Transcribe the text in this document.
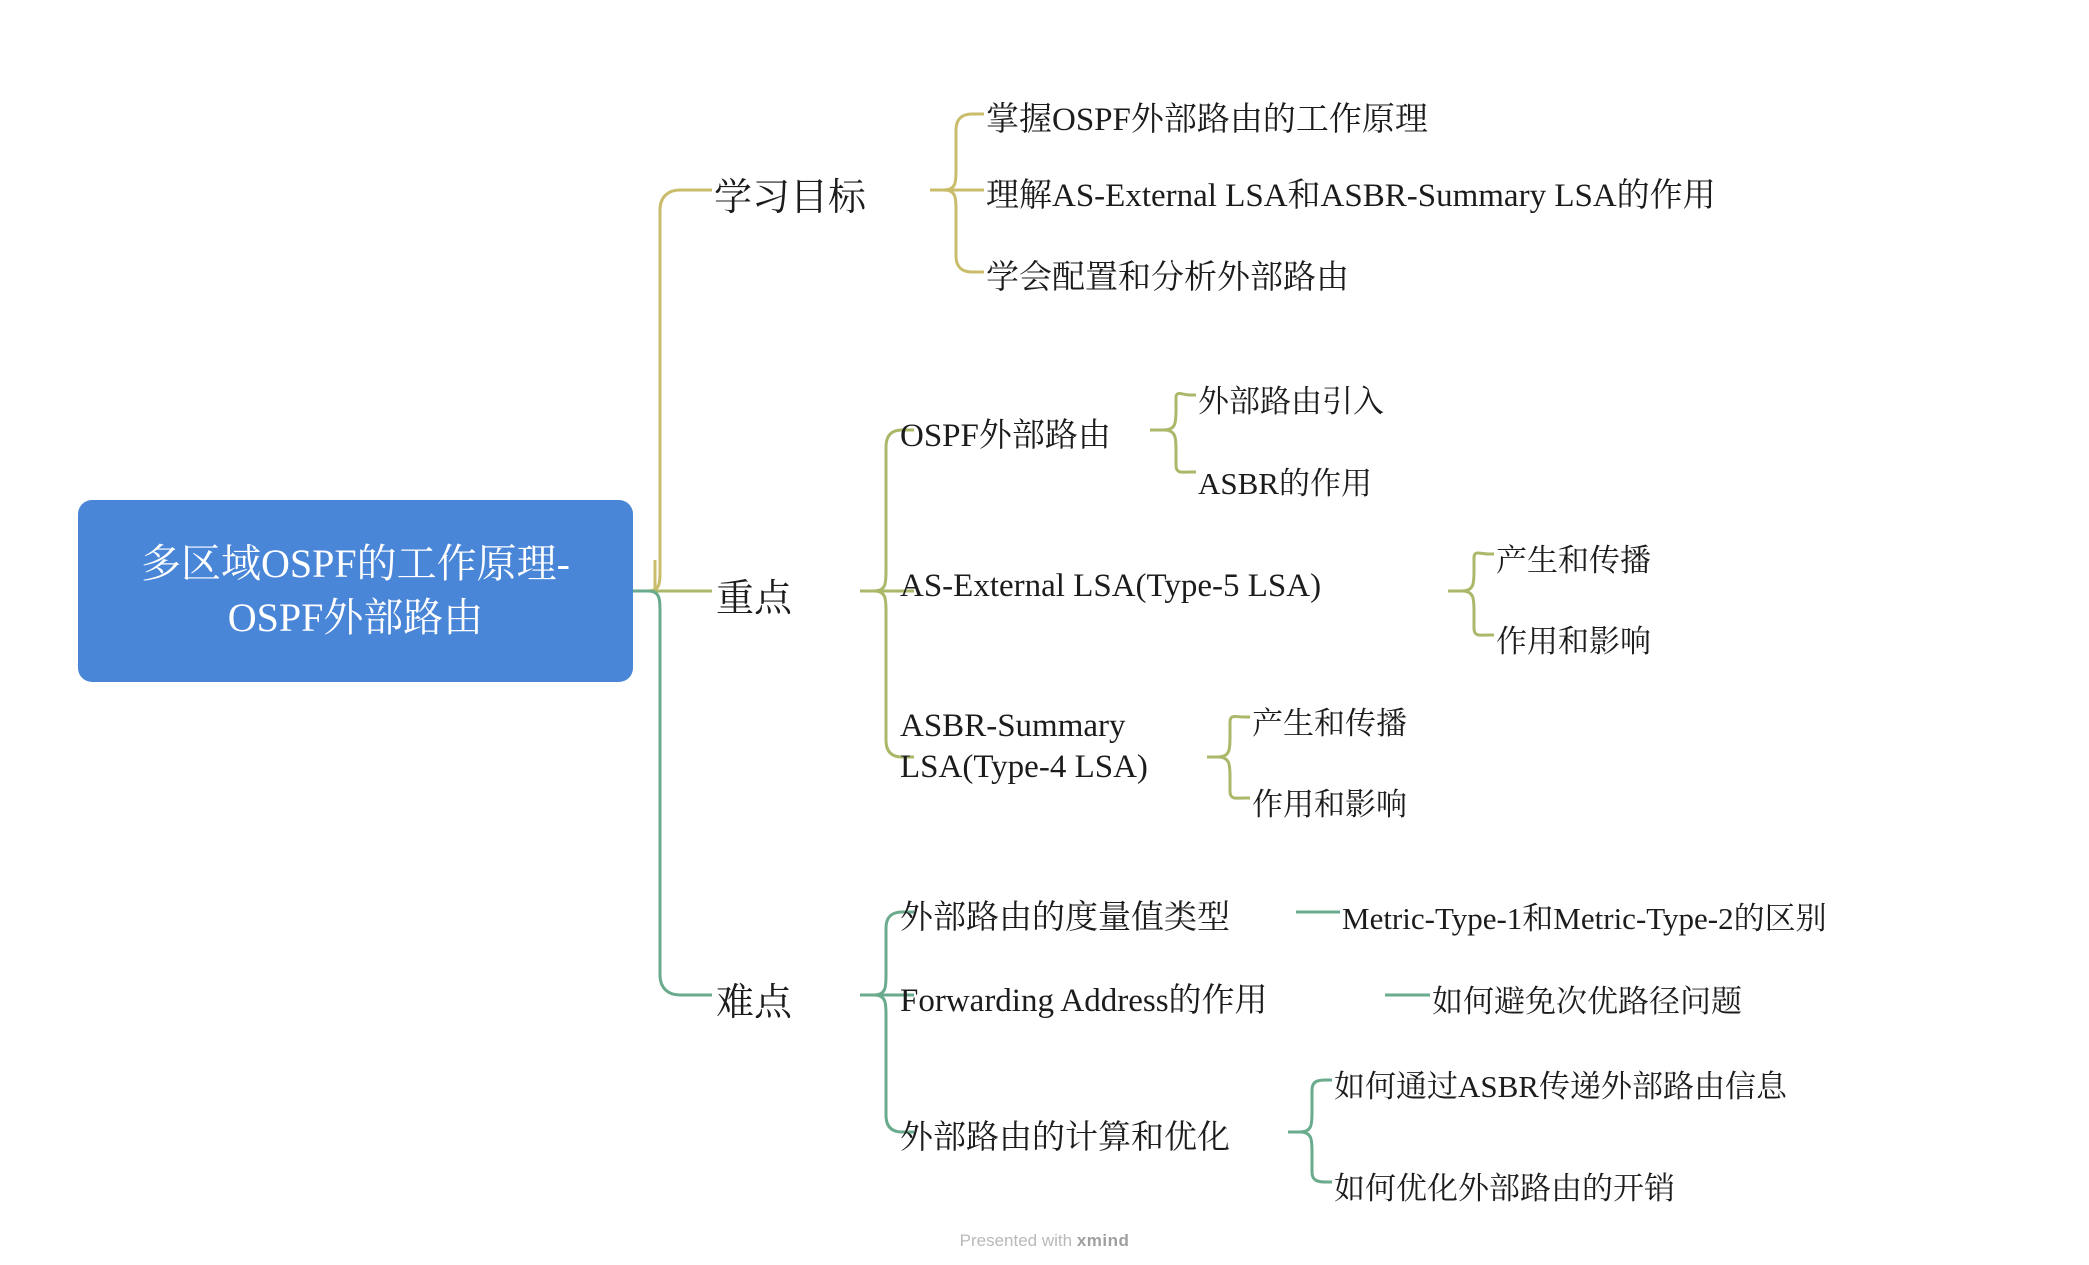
多区域OSPF的工作原理-OSPF外部路由
学习目标
重点
难点
掌握OSPF外部路由的工作原理
理解AS-External LSA和ASBR-Summary LSA的作用
学会配置和分析外部路由
OSPF外部路由
外部路由引入
ASBR的作用
AS-External LSA(Type-5 LSA)
产生和传播
作用和影响
ASBR-Summary LSA(Type-4 LSA)
产生和传播
作用和影响
外部路由的度量值类型	Metric-Type-1和Metric-Type-2的区别
Forwarding Address的作用	如何避免次优路径问题
外部路由的计算和优化
如何通过ASBR传递外部路由信息
如何优化外部路由的开销
Presented with xmind
